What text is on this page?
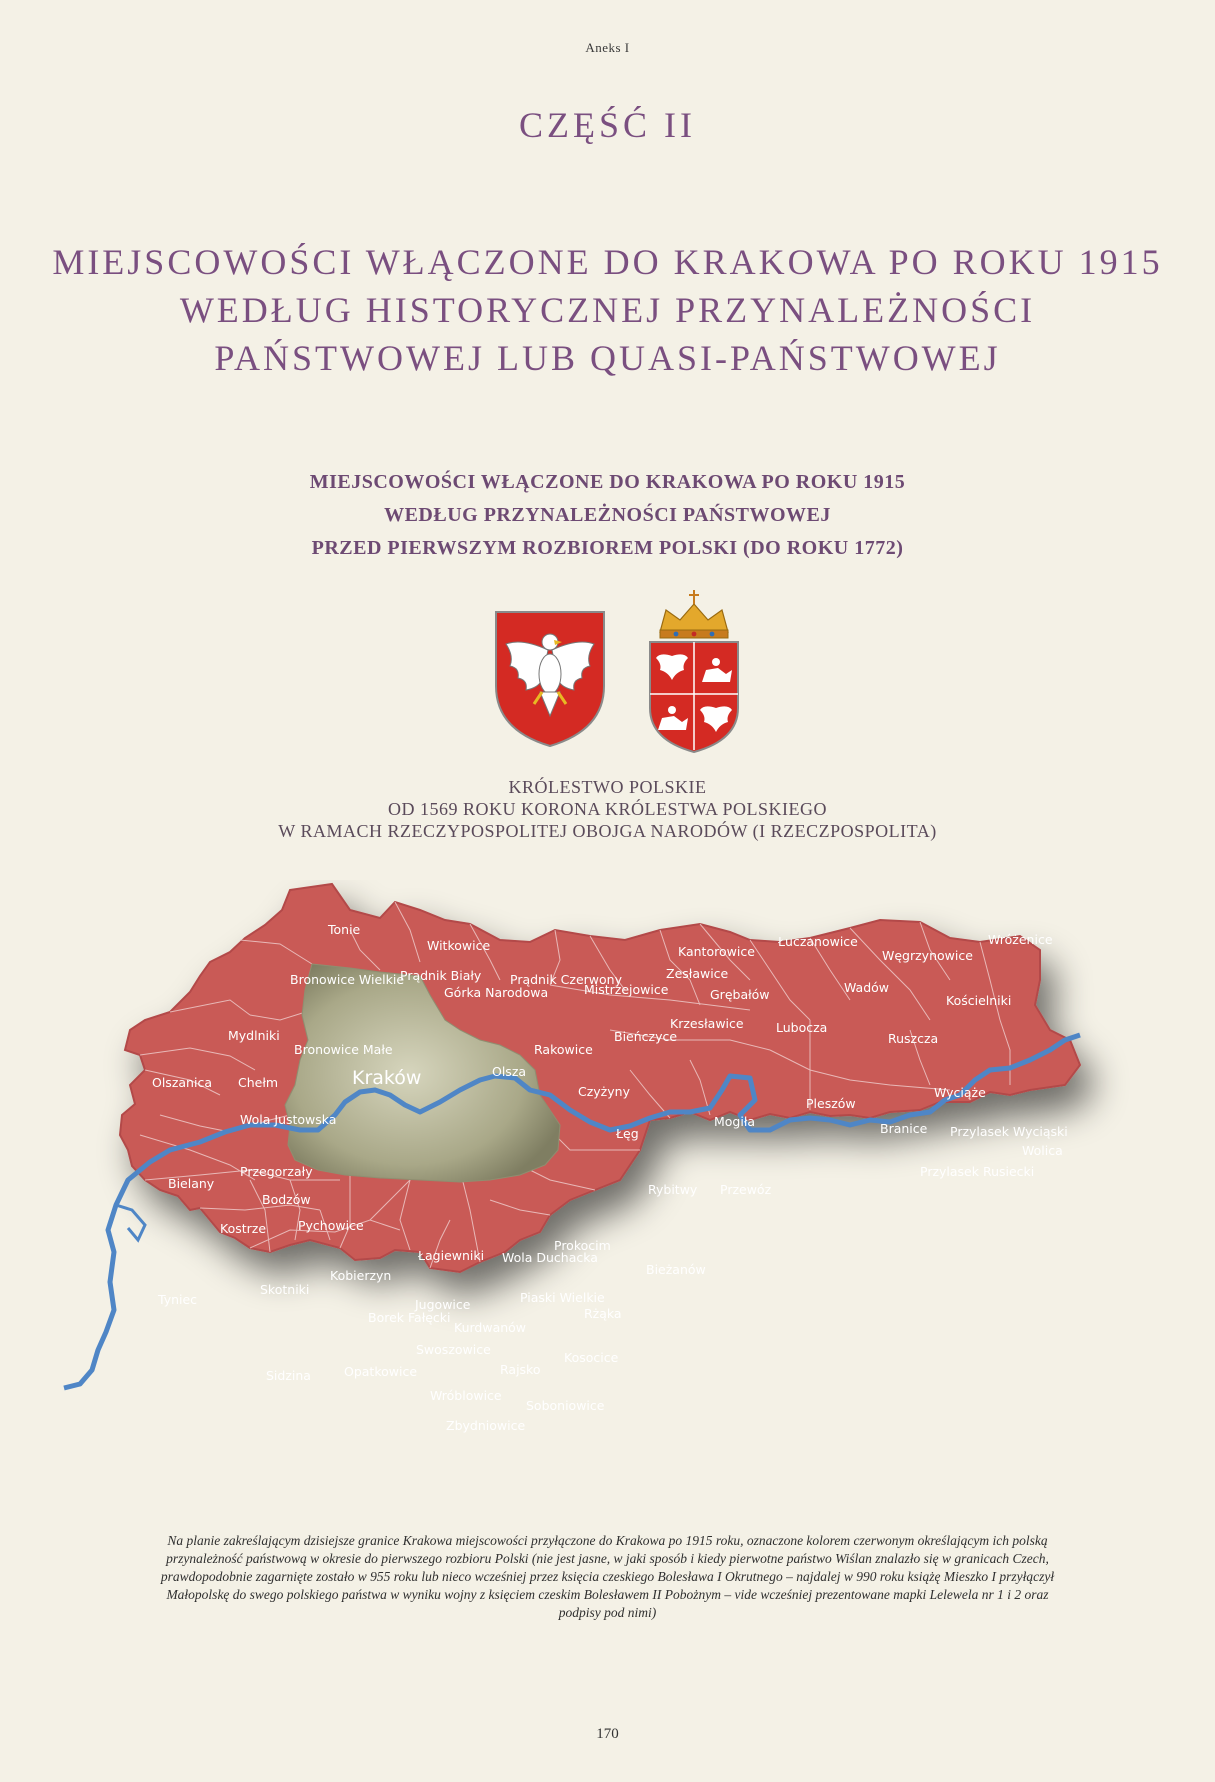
Aneks I
CZĘŚĆ II
MIEJSCOWOŚCI WŁĄCZONE DO KRAKOWA PO ROKU 1915
WEDŁUG HISTORYCZNEJ PRZYNALEŻNOŚCI
PAŃSTWOWEJ LUB QUASI-PAŃSTWOWEJ
MIEJSCOWOŚCI WŁĄCZONE DO KRAKOWA PO ROKU 1915
WEDŁUG PRZYNALEŻNOŚCI PAŃSTWOWEJ
PRZED PIERWSZYM ROZBIOREM POLSKI (DO ROKU 1772)
KRÓLESTWO POLSKIE
OD 1569 ROKU KORONA KRÓLESTWA POLSKIEGO
W RAMACH RZECZYPOSPOLITEJ OBOJGA NARODÓW (I RZECZPOSPOLITA)
Kraków
Tonie
Witkowice
Bronowice Wielkie
Prądnik Biały
Górka Narodowa
Prądnik Czerwony
Mistrzejowice
Kantorowice
Łuczanowice
Węgrzynowice
Wróżenice
Zesławice
Grębałów	Wadów
Kościelniki
Mydlniki
Bronowice Małe	Rakowice
Bieńczyce
Krzesławice	Lubocza
Ruszcza
Olszanica Chełm
Olsza
Czyżyny
Pleszów
Wyciąże
Wola Justowska
Łęg
Mogiła	Branice Przylasek Wyciąski
Wolica
Przegorzały
Bielany
Bodzów
Rybitwy Przewóz
Przylasek Rusiecki
Kostrze	Pychowice
Łagiewniki Wola Duchacka
Prokocim
Bieżanów
Tyniec
Skotniki
Kobierzyn
Piaski Wielkie
Jugowice
Borek Fałęcki
Kurdwanów
Rżąka
Swoszowice
Kosocice
Sidzina	Opatkowice	Rajsko
Wróblowice
Soboniowice
Zbydniowice
Na planie zakreślającym dzisiejsze granice Krakowa miejscowości przyłączone do Krakowa po 1915 roku, oznaczone kolorem czerwonym określającym ich polską przynależność państwową w okresie do pierwszego rozbioru Polski (nie jest jasne, w jaki sposób i kiedy pierwotne państwo Wiślan znalazło się w granicach Czech, prawdopodobnie zagarnięte zostało w 955 roku lub nieco wcześniej przez księcia czeskiego Bolesława I Okrutnego – najdalej w 990 roku książę Mieszko I przyłączył Małopolskę do swego polskiego państwa w wyniku wojny z księciem czeskim Bolesławem II Pobożnym – vide wcześniej prezentowane mapki Lelewela nr 1 i 2 oraz podpisy pod nimi)
170
